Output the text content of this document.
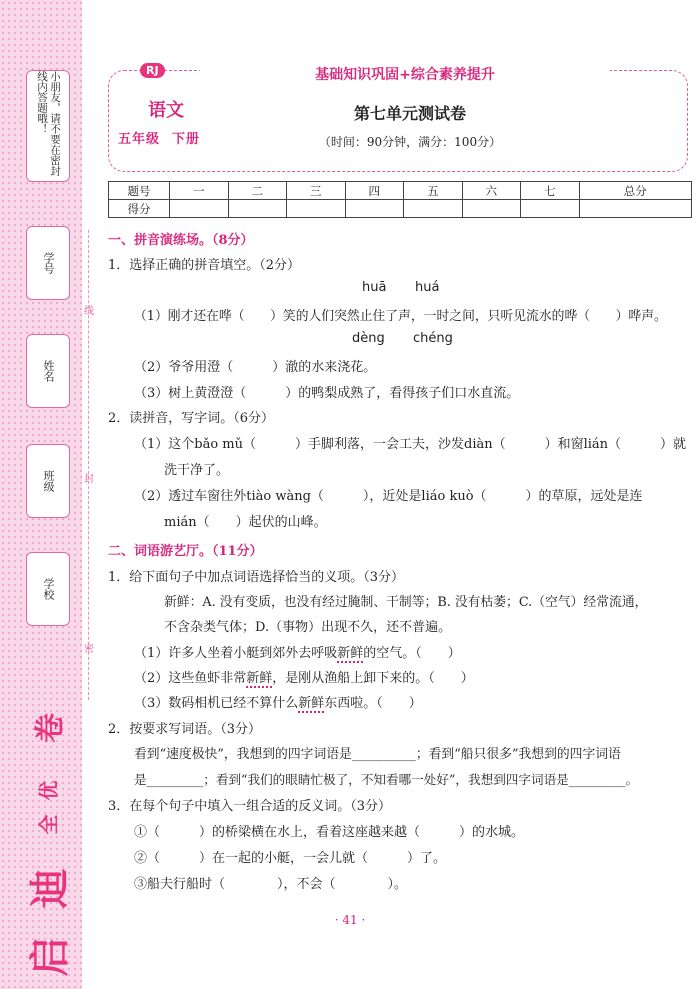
小朋友，请不要在密封线内答题哦！
学号
姓名
班级
学校
启
迪
全
优
卷
线
封
密
RJ	基础知识巩固+综合素养提升
语文
五年级 下册
第七单元测试卷
（时间：90分钟，满分：100分）
题号	一	二	三	四	五	六	七	总分
得分								
一、拼音演练场。（8分）
1．选择正确的拼音填空。（2分）
huā huá
（1）刚才还在哗（　　）笑的人们突然止住了声，一时之间，只听见流水的哗（　　）哗声。
dèng chéng
（2）爷爷用澄（　　　）澈的水来浇花。
（3）树上黄澄澄（　　　）的鸭梨成熟了，看得孩子们口水直流。
2．读拼音，写字词。（6分）
（1）这个bǎo mǔ（　　　）手脚利落，一会工夫，沙发diàn（　　　）和窗lián（　　　）就
洗干净了。
（2）透过车窗往外tiào wàng（　　　），近处是liáo kuò（　　　）的草原，远处是连
mián（　　）起伏的山峰。
二、词语游艺厅。（11分）
1．给下面句子中加点词语选择恰当的义项。（3分）
新鲜：A. 没有变质，也没有经过腌制、干制等；B. 没有枯萎；C.（空气）经常流通，
不含杂类气体；D.（事物）出现不久，还不普遍。
（1）许多人坐着小艇到郊外去呼吸新鲜的空气。（　　）
（2）这些鱼虾非常新鲜，是刚从渔船上卸下来的。（　　）
（3）数码相机已经不算什么新鲜东西啦。（　　）
2．按要求写词语。（3分）
看到“速度极快”，我想到的四字词语是__________；看到“船只很多”我想到的四字词语
是_________；看到“我们的眼睛忙极了，不知看哪一处好”，我想到四字词语是_________。
3．在每个句子中填入一组合适的反义词。（3分）
①（　　　）的桥梁横在水上，看着这座越来越（　　　）的水城。
②（　　　）在一起的小艇，一会儿就（　　　）了。
③船夫行船时（　　　　），不会（　　　　）。
· 41 ·
